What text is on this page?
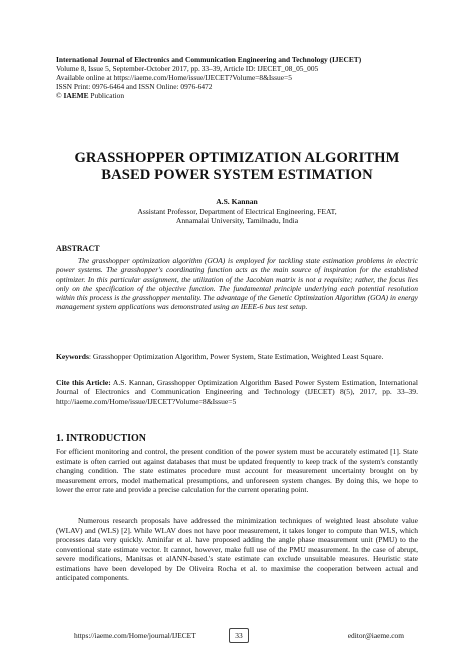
International Journal of Electronics and Communication Engineering and Technology (IJECET)
Volume 8, Issue 5, September-October 2017, pp. 33–39, Article ID: IJECET_08_05_005
Available online at https://iaeme.com/Home/issue/IJECET?Volume=8&Issue=5
ISSN Print: 0976-6464 and ISSN Online: 0976-6472
© IAEME Publication
GRASSHOPPER OPTIMIZATION ALGORITHM
BASED POWER SYSTEM ESTIMATION
A.S. Kannan
Assistant Professor, Department of Electrical Engineering, FEAT,
Annamalai University, Tamilnadu, India
ABSTRACT
The grasshopper optimization algorithm (GOA) is employed for tackling state estimation problems in electric power systems. The grasshopper's coordinating function acts as the main source of inspiration for the established optimizer. In this particular assignment, the utilization of the Jacobian matrix is not a requisite; rather, the focus lies only on the specification of the objective function. The fundamental principle underlying each potential resolution within this process is the grasshopper mentality. The advantage of the Genetic Optimization Algorithm (GOA) in energy management system applications was demonstrated using an IEEE-6 bus test setup.
Keywords: Grasshopper Optimization Algorithm, Power System, State Estimation, Weighted Least Square.
Cite this Article: A.S. Kannan, Grasshopper Optimization Algorithm Based Power System Estimation, International Journal of Electronics and Communication Engineering and Technology (IJECET) 8(5), 2017, pp. 33–39. http://iaeme.com/Home/issue/IJECET?Volume=8&Issue=5
1. INTRODUCTION
For efficient monitoring and control, the present condition of the power system must be accurately estimated [1]. State estimate is often carried out against databases that must be updated frequently to keep track of the system's constantly changing condition. The state estimates procedure must account for measurement uncertainty brought on by measurement errors, model mathematical presumptions, and unforeseen system changes. By doing this, we hope to lower the error rate and provide a precise calculation for the current operating point.
Numerous research proposals have addressed the minimization techniques of weighted least absolute value (WLAV) and (WLS) [2]. While WLAV does not have poor measurement, it takes longer to compute than WLS, which processes data very quickly. Aminifar et al. have proposed adding the angle phase measurement unit (PMU) to the conventional state estimate vector. It cannot, however, make full use of the PMU measurement. In the case of abrupt, severe modifications, Manitsas et alANN-based.'s state estimate can exclude unsuitable measures. Heuristic state estimations have been developed by De Oliveira Rocha et al. to maximise the cooperation between actual and anticipated components.
https://iaeme.com/Home/journal/IJECET	33	editor@iaeme.com
